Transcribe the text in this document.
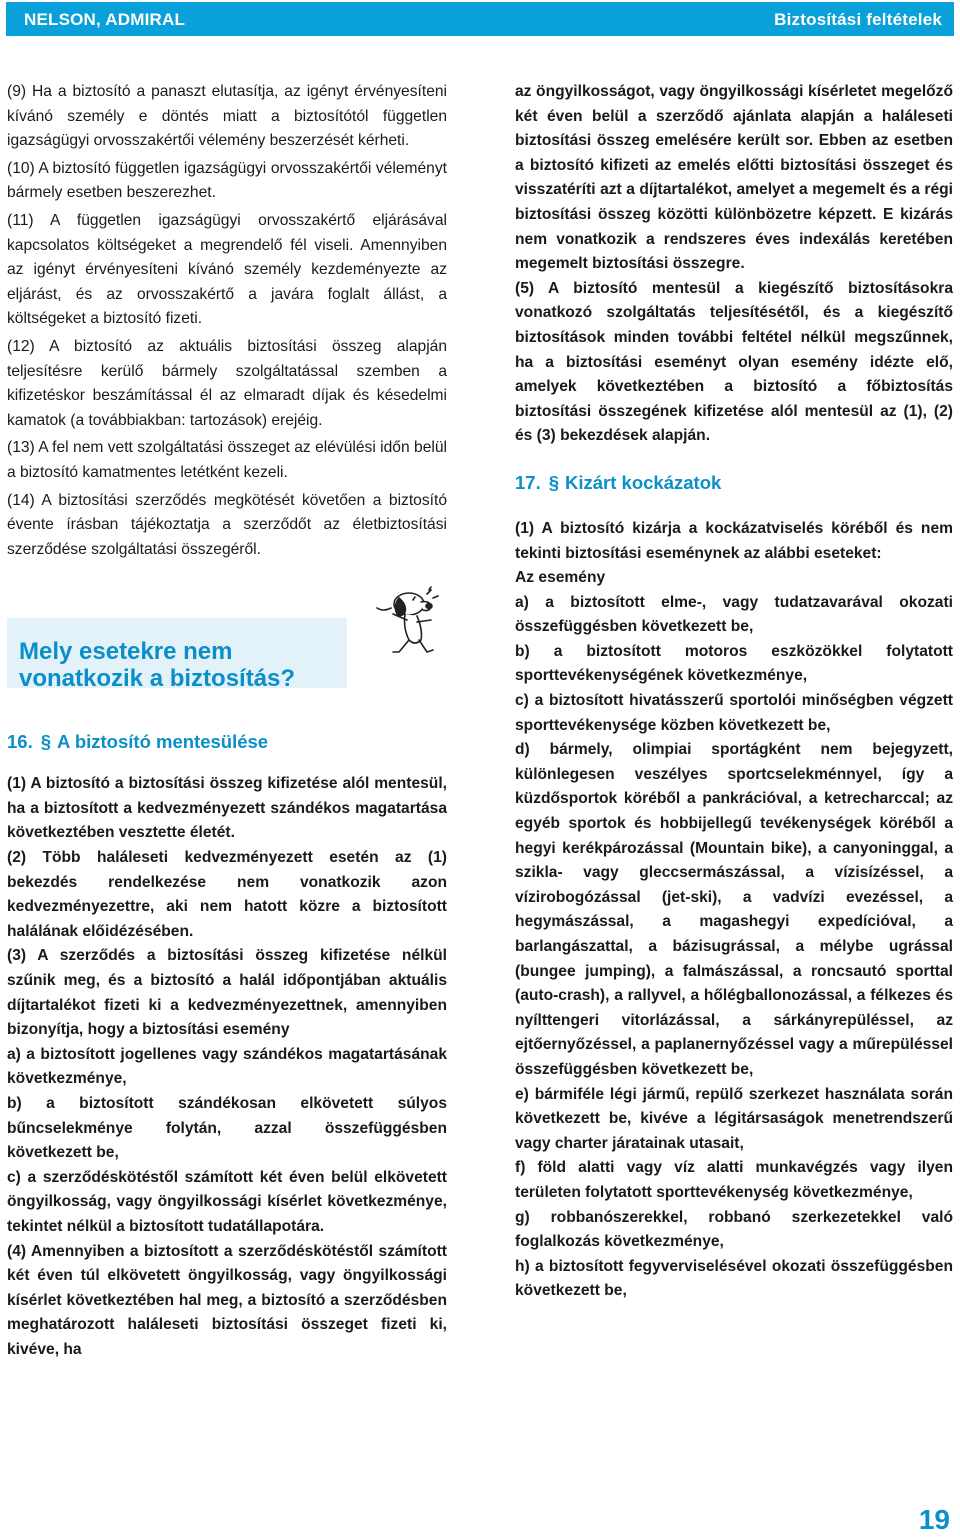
NELSON, ADMIRAL	Biztosítási feltételek

(9) Ha a biztosító a panaszt elutasítja, az igényt érvényesíteni kívánó személy e döntés miatt a biztosítótól független igazságügyi orvosszakértői vélemény beszerzését kérheti.

(10) A biztosító független igazságügyi orvosszakértői véleményt bármely esetben beszerezhet.

(11) A független igazságügyi orvosszakértő eljárásával kapcsolatos költségeket a megrendelő fél viseli. Amennyiben az igényt érvényesíteni kívánó személy kezdeményezte az eljárást, és az orvosszakértő a javára foglalt állást, a költségeket a biztosító fizeti.

(12) A biztosító az aktuális biztosítási összeg alapján teljesítésre kerülő bármely szolgáltatással szemben a kifizetéskor beszámítással él az elmaradt díjak és késedelmi kamatok (a továbbiakban: tartozások) erejéig.

(13) A fel nem vett szolgáltatási összeget az elévülési időn belül a biztosító kamatmentes letétként kezeli.

(14) A biztosítási szerződés megkötését követően a biztosító évente írásban tájékoztatja a szerződőt az életbiztosítási szerződése szolgáltatási összegéről.

Mely esetekre nem vonatkozik a biztosítás?
16. § A biztosító mentesülése

(1) A biztosító a biztosítási összeg kifizetése alól mentesül, ha a biztosított a kedvezményezett szándékos magatartása következtében vesztette életét.

(2) Több haláleseti kedvezményezett esetén az (1) bekezdés rendelkezése nem vonatkozik azon kedvezményezettre, aki nem hatott közre a biztosított halálának előidézésében.

(3) A szerződés a biztosítási összeg kifizetése nélkül szűnik meg, és a biztosító a halál időpontjában aktuális díjtartalékot fizeti ki a kedvezményezettnek, amennyiben bizonyítja, hogy a biztosítási esemény

a) a biztosított jogellenes vagy szándékos magatartásának következménye,

b) a biztosított szándékosan elkövetett súlyos bűncselekménye folytán, azzal összefüggésben következett be,

c) a szerződéskötéstől számított két éven belül elkövetett öngyilkosság, vagy öngyilkossági kísérlet következménye, tekintet nélkül a biztosított tudatállapotára.

(4) Amennyiben a biztosított a szerződéskötéstől számított két éven túl elkövetett öngyilkosság, vagy öngyilkossági kísérlet következtében hal meg, a biztosító a szerződésben meghatározott haláleseti biztosítási összeget fizeti ki, kivéve, ha

az öngyilkosságot, vagy öngyilkossági kísérletet megelőző két éven belül a szerződő ajánlata alapján a haláleseti biztosítási összeg emelésére került sor. Ebben az esetben a biztosító kifizeti az emelés előtti biztosítási összeget és visszatéríti azt a díjtartalékot, amelyet a megemelt és a régi biztosítási összeg közötti különbözetre képzett. E kizárás nem vonatkozik a rendszeres éves indexálás keretében megemelt biztosítási összegre.

(5) A biztosító mentesül a kiegészítő biztosításokra vonatkozó szolgáltatás teljesítésétől, és a kiegészítő biztosítások minden további feltétel nélkül megszűnnek, ha a biztosítási eseményt olyan esemény idézte elő, amelyek következtében a biztosító a főbiztosítás biztosítási összegének kifizetése alól mentesül az (1), (2) és (3) bekezdések alapján.

17. § Kizárt kockázatok

(1) A biztosító kizárja a kockázatviselés köréből és nem tekinti biztosítási eseménynek az alábbi eseteket:

Az esemény

a) a biztosított elme-, vagy tudatzavarával okozati összefüggésben következett be,

b) a biztosított motoros eszközökkel folytatott sporttevékenységének következménye,

c) a biztosított hivatásszerű sportolói minőségben végzett sporttevékenysége közben következett be,

d) bármely, olimpiai sportágként nem bejegyzett, különlegesen veszélyes sportcselekménnyel, így a küzdősportok köréből a pankrációval, a ketrecharccal; az egyéb sportok és hobbijellegű tevékenységek köréből a hegyi kerékpározással (Mountain bike), a canyoninggal, a szikla- vagy gleccsermászással, a vízisízéssel, a vízirobogózással (jet-ski), a vadvízi evezéssel, a hegymászással, a magashegyi expedícióval, a barlangászattal, a bázisugrással, a mélybe ugrással (bungee jumping), a falmászással, a roncsautó sporttal (auto-crash), a rallyvel, a hőlégballonozással, a félkezes és nyílttengeri vitorlázással, a sárkányrepüléssel, az ejtőernyőzéssel, a paplanernyőzéssel vagy a műrepüléssel összefüggésben következett be,

e) bármiféle légi jármű, repülő szerkezet használata során következett be, kivéve a légitársaságok menetrendszerű vagy charter járatainak utasait,

f) föld alatti vagy víz alatti munkavégzés vagy ilyen területen folytatott sporttevékenység következménye,

g) robbanószerekkel, robbanó szerkezetekkel való foglalkozás következménye,

h) a biztosított fegyverviselésével okozati összefüggésben következett be,

19
